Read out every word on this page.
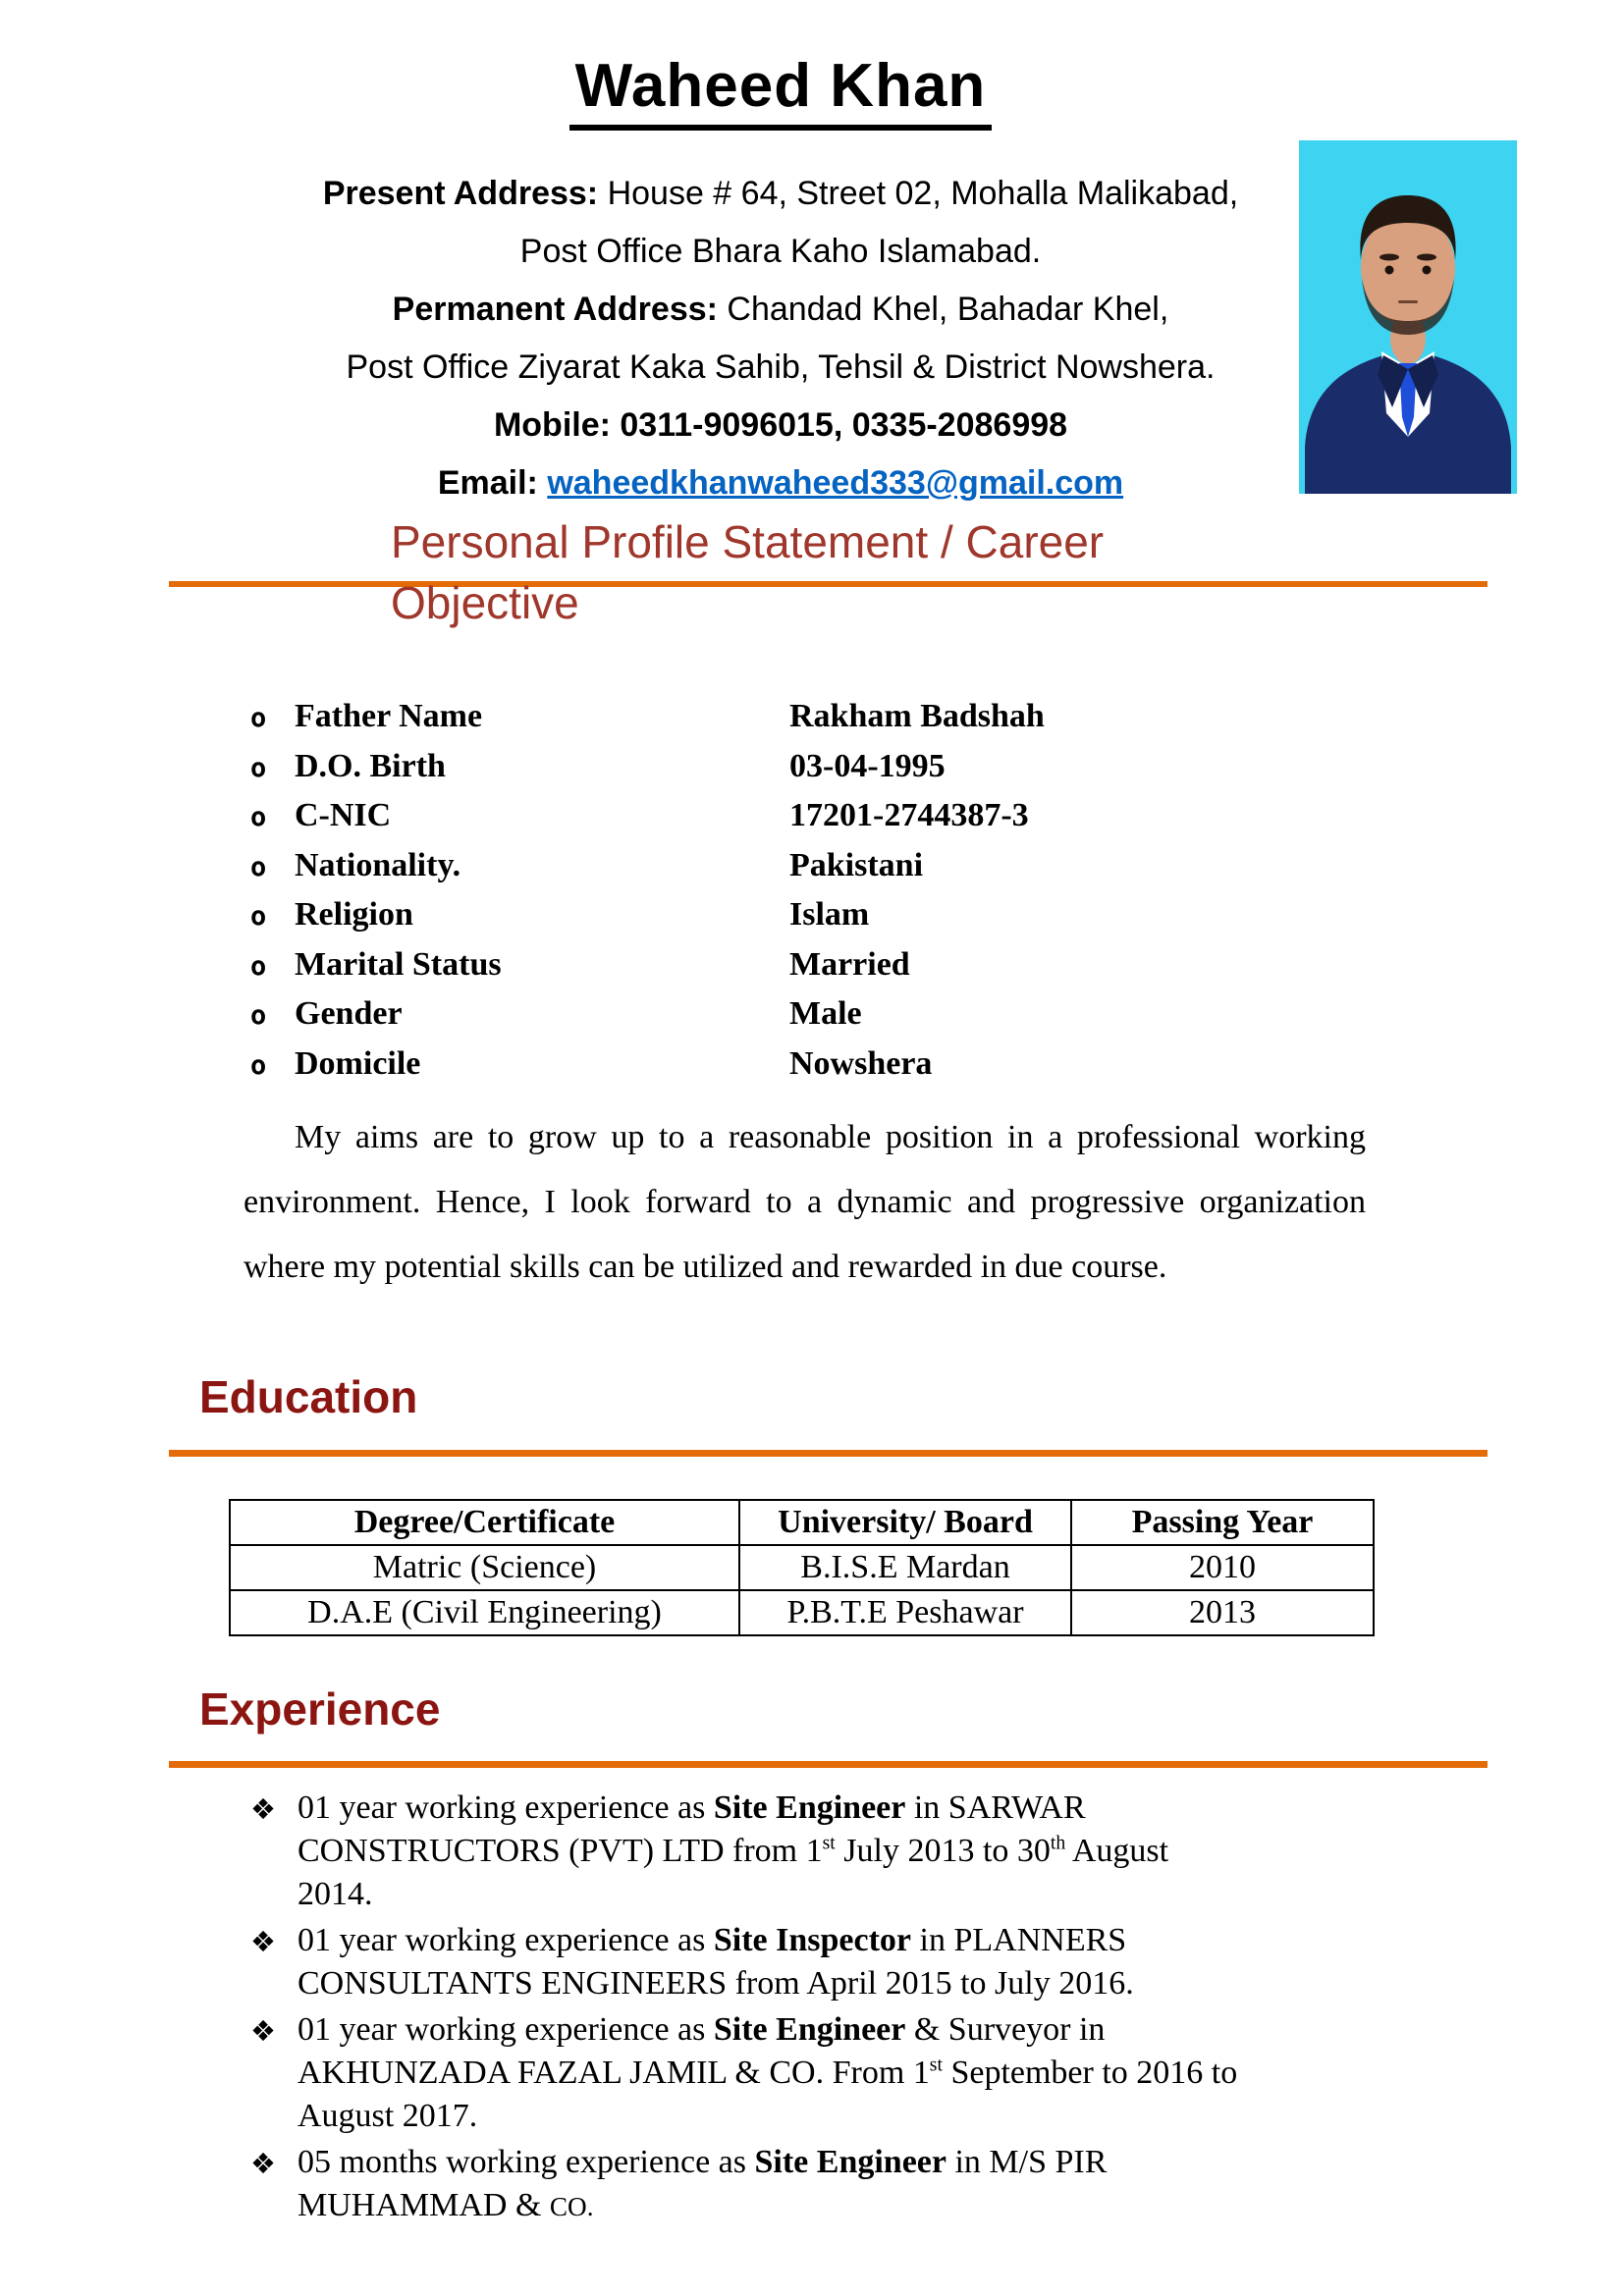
Waheed Khan
Present Address: House # 64, Street 02, Mohalla Malikabad,
Post Office Bhara Kaho Islamabad.
Permanent Address: Chandad Khel, Bahadar Khel,
Post Office Ziyarat Kaka Sahib, Tehsil & District Nowshera.
Mobile: 0311-9096015, 0335-2086998
Email: waheedkhanwaheed333@gmail.com
Personal Profile Statement / Career Objective
o Father Name	Rakham Badshah
o D.O. Birth	03-04-1995
o C-NIC	17201-2744387-3
o Nationality.	Pakistani
o Religion	Islam
o Marital Status	Married
o Gender	Male
o Domicile	Nowshera

My aims are to grow up to a reasonable position in a professional working environment. Hence, I look forward to a dynamic and progressive organization where my potential skills can be utilized and rewarded in due course.

Education
Degree/Certificate	University/ Board	Passing Year
Matric (Science)	B.I.S.E Mardan	2010
D.A.E (Civil Engineering)	P.B.T.E Peshawar	2013
Experience
❖ 01 year working experience as Site Engineer in SARWAR CONSTRUCTORS (PVT) LTD from 1st July 2013 to 30th August 2014.
❖ 01 year working experience as Site Inspector in PLANNERS CONSULTANTS ENGINEERS from April 2015 to July 2016.
❖ 01 year working experience as Site Engineer & Surveyor in AKHUNZADA FAZAL JAMIL & CO. From 1st September to 2016 to August 2017.
❖ 05 months working experience as Site Engineer in M/S PIR MUHAMMAD & CO.
